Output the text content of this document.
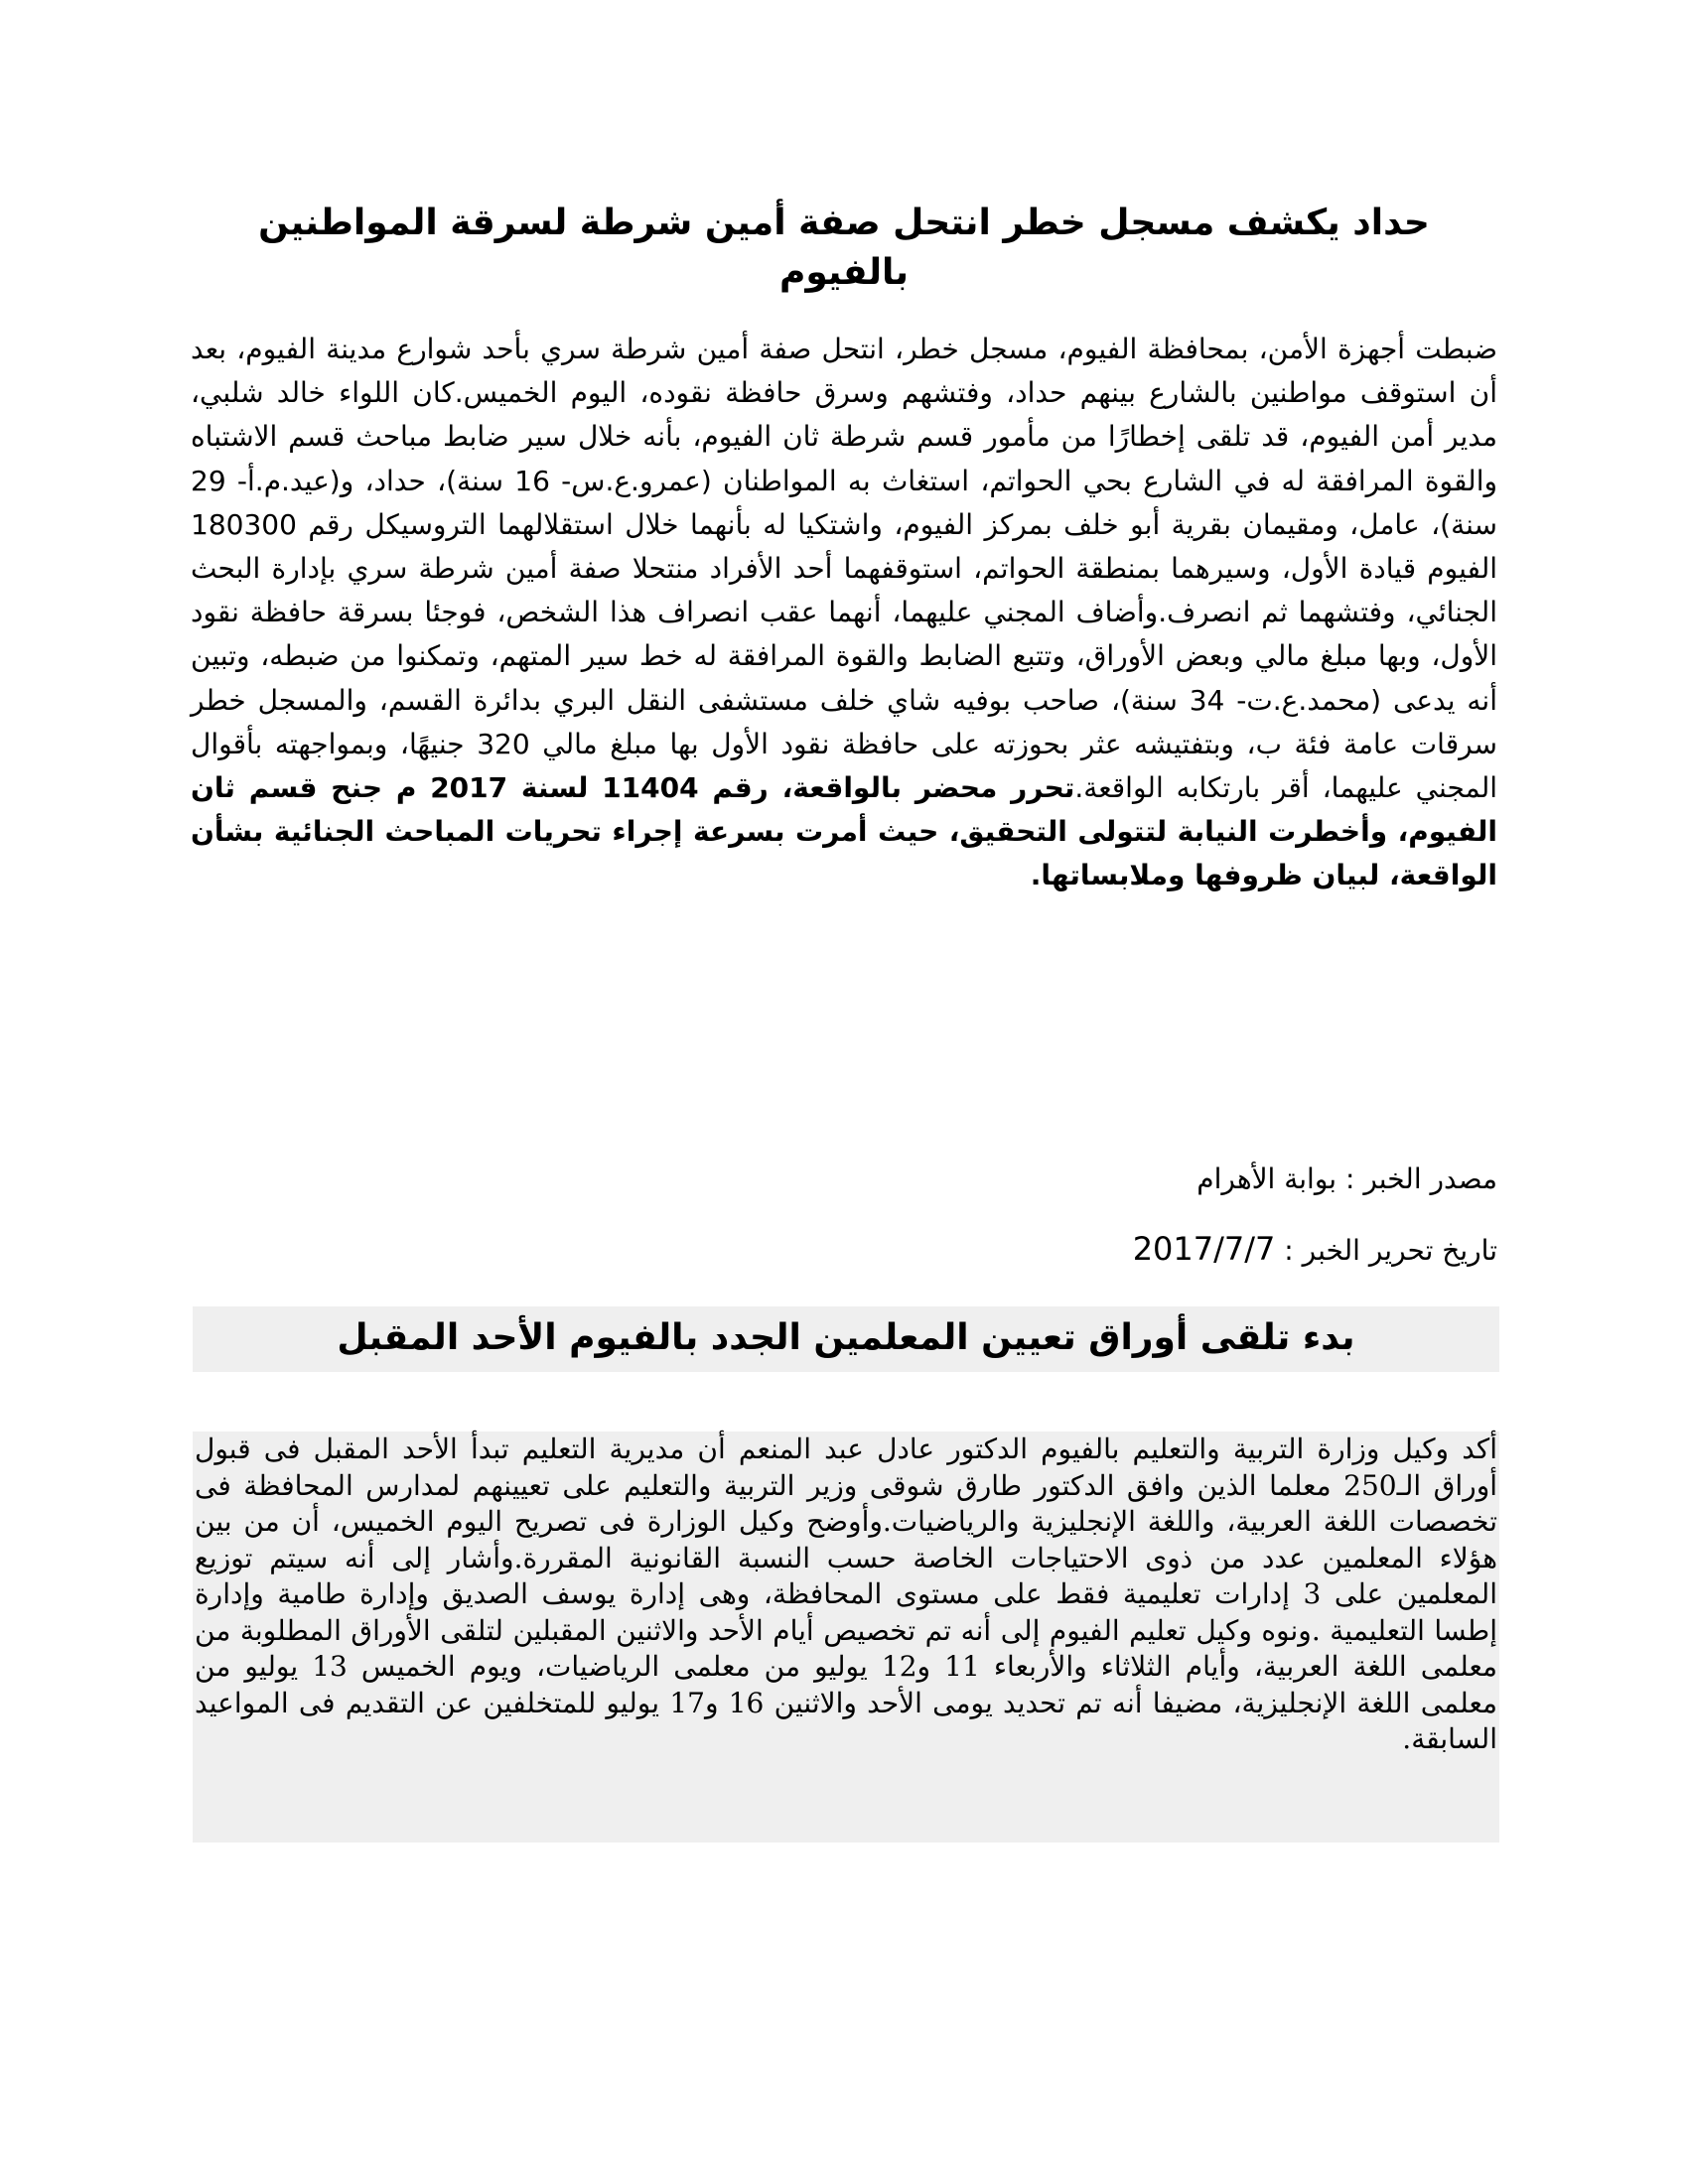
حداد يكشف مسجل خطر انتحل صفة أمين شرطة لسرقة المواطنين بالفيوم

ضبطت أجهزة الأمن، بمحافظة الفيوم، مسجل خطر، انتحل صفة أمين شرطة سري بأحد شوارع مدينة الفيوم، بعد أن استوقف مواطنين بالشارع بينهم حداد، وفتشهم وسرق حافظة نقوده، اليوم الخميس.كان اللواء خالد شلبي، مدير أمن الفيوم، قد تلقى إخطارًا من مأمور قسم شرطة ثان الفيوم، بأنه خلال سير ضابط مباحث قسم الاشتباه والقوة المرافقة له في الشارع بحي الحواتم، استغاث به المواطنان (عمرو.ع.س- 16 سنة)، حداد، و(عيد.م.أ- 29 سنة)، عامل، ومقيمان بقرية أبو خلف بمركز الفيوم، واشتكيا له بأنهما خلال استقلالهما التروسيكل رقم 180300 الفيوم قيادة الأول، وسيرهما بمنطقة الحواتم، استوقفهما أحد الأفراد منتحلا صفة أمين شرطة سري بإدارة البحث الجنائي، وفتشهما ثم انصرف.وأضاف المجني عليهما، أنهما عقب انصراف هذا الشخص، فوجئا بسرقة حافظة نقود الأول، وبها مبلغ مالي وبعض الأوراق، وتتبع الضابط والقوة المرافقة له خط سير المتهم، وتمكنوا من ضبطه، وتبين أنه يدعى (محمد.ع.ت- 34 سنة)، صاحب بوفيه شاي خلف مستشفى النقل البري بدائرة القسم، والمسجل خطر سرقات عامة فئة ب، وبتفتيشه عثر بحوزته على حافظة نقود الأول بها مبلغ مالي 320 جنيهًا، وبمواجهته بأقوال المجني عليهما، أقر بارتكابه الواقعة.تحرر محضر بالواقعة، رقم 11404 لسنة 2017 م جنح قسم ثان الفيوم، وأخطرت النيابة لتتولى التحقيق، حيث أمرت بسرعة إجراء تحريات المباحث الجنائية بشأن الواقعة، لبيان ظروفها وملابساتها.

مصدر الخبر : بوابة الأهرام
تاريخ تحرير الخبر : 2017/7/7
بدء تلقى أوراق تعيين المعلمين الجدد بالفيوم الأحد المقبل

أكد وكيل وزارة التربية والتعليم بالفيوم الدكتور عادل عبد المنعم أن مديرية التعليم تبدأ الأحد المقبل فى قبول أوراق الـ250 معلما الذين وافق الدكتور طارق شوقى وزير التربية والتعليم على تعيينهم لمدارس المحافظة فى تخصصات اللغة العربية، واللغة الإنجليزية والرياضيات.وأوضح وكيل الوزارة فى تصريح اليوم الخميس، أن من بين هؤلاء المعلمين عدد من ذوى الاحتياجات الخاصة حسب النسبة القانونية المقررة.وأشار إلى أنه سيتم توزيع المعلمين على 3 إدارات تعليمية فقط على مستوى المحافظة، وهى إدارة يوسف الصديق وإدارة طامية وإدارة إطسا التعليمية .ونوه وكيل تعليم الفيوم إلى أنه تم تخصيص أيام الأحد والاثنين المقبلين لتلقى الأوراق المطلوبة من معلمى اللغة العربية، وأيام الثلاثاء والأربعاء 11 و12 يوليو من معلمى الرياضيات، ويوم الخميس 13 يوليو من معلمى اللغة الإنجليزية، مضيفا أنه تم تحديد يومى الأحد والاثنين 16 و17 يوليو للمتخلفين عن التقديم فى المواعيد السابقة.
